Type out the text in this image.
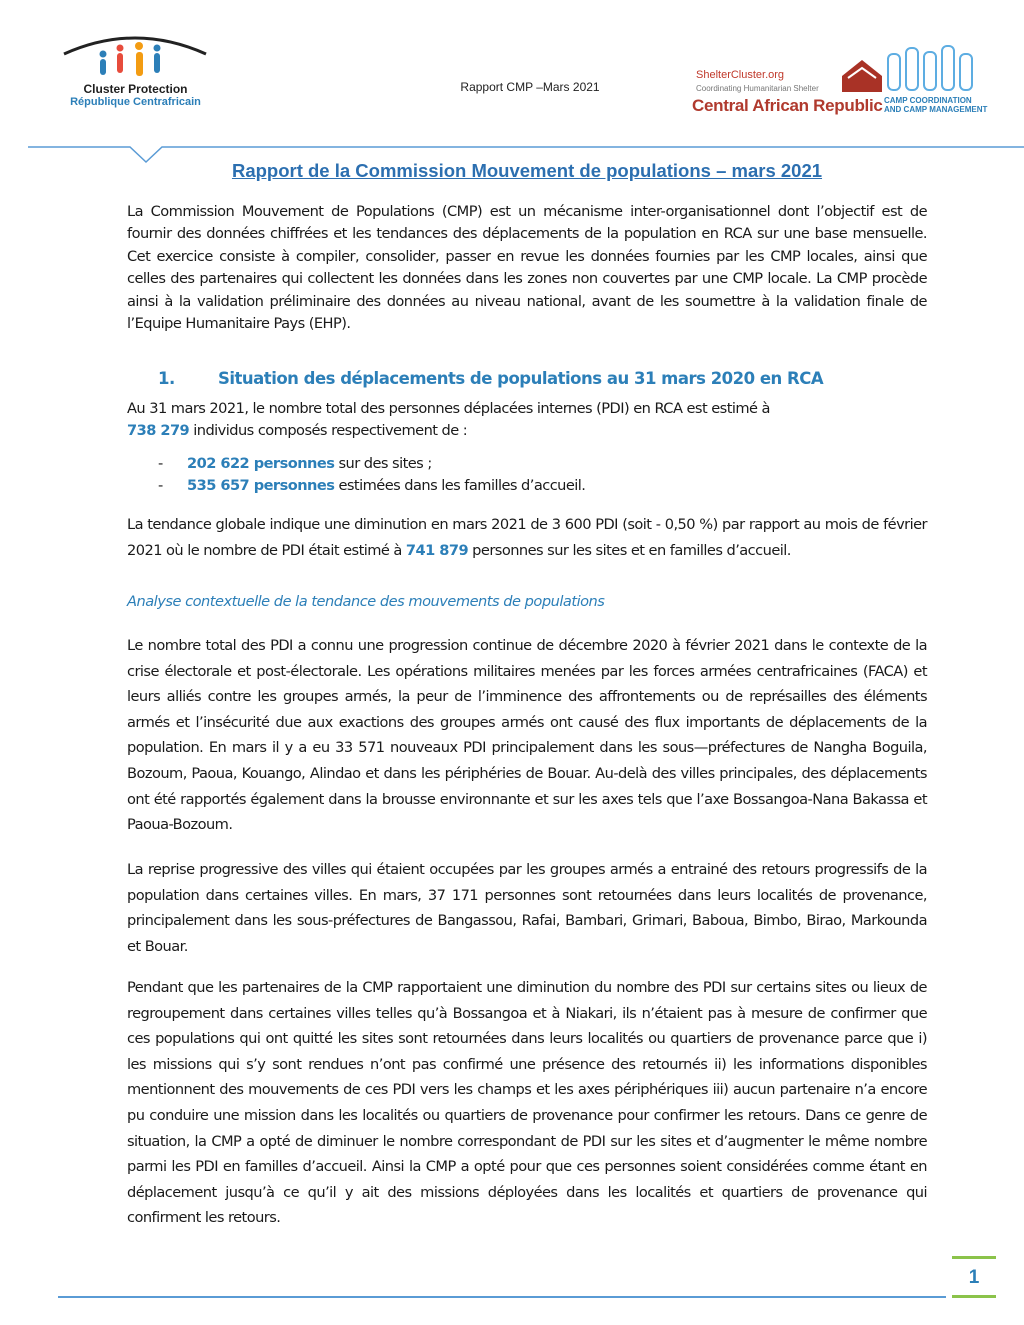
Cluster Protection
République Centrafricain
Rapport CMP –Mars 2021
ShelterCluster.org
Coordinating Humanitarian Shelter
Central African Republic CAMP COORDINATION
AND CAMP MANAGEMENT
Rapport de la Commission Mouvement de populations – mars 2021
La Commission Mouvement de Populations (CMP) est un mécanisme inter-organisationnel dont l’objectif est de fournir des données chiffrées et les tendances des déplacements de la population en RCA sur une base mensuelle. Cet exercice consiste à compiler, consolider, passer en revue les données fournies par les CMP locales, ainsi que celles des partenaires qui collectent les données dans les zones non couvertes par une CMP locale. La CMP procède ainsi à la validation préliminaire des données au niveau national, avant de les soumettre à la validation finale de l’Equipe Humanitaire Pays (EHP).
1.	Situation des déplacements de populations au 31 mars 2020 en RCA
Au 31 mars 2021, le nombre total des personnes déplacées internes (PDI) en RCA est estimé à
738 279 individus composés respectivement de :
- 202 622 personnes sur des sites ;
- 535 657 personnes estimées dans les familles d’accueil.
La tendance globale indique une diminution en mars 2021 de 3 600 PDI (soit - 0,50 %) par rapport au mois de février 2021 où le nombre de PDI était estimé à 741 879 personnes sur les sites et en familles d’accueil.
Analyse contextuelle de la tendance des mouvements de populations
Le nombre total des PDI a connu une progression continue de décembre 2020 à février 2021 dans le contexte de la crise électorale et post-électorale. Les opérations militaires menées par les forces armées centrafricaines (FACA) et leurs alliés contre les groupes armés, la peur de l’imminence des affrontements ou de représailles des éléments armés et l’insécurité due aux exactions des groupes armés ont causé des flux importants de déplacements de la population. En mars il y a eu 33 571 nouveaux PDI principalement dans les sous—préfectures de Nangha Boguila, Bozoum, Paoua, Kouango, Alindao et dans les périphéries de Bouar. Au-delà des villes principales, des déplacements ont été rapportés également dans la brousse environnante et sur les axes tels que l’axe Bossangoa-Nana Bakassa et Paoua-Bozoum.
La reprise progressive des villes qui étaient occupées par les groupes armés a entrainé des retours progressifs de la population dans certaines villes. En mars, 37 171 personnes sont retournées dans leurs localités de provenance, principalement dans les sous-préfectures de Bangassou, Rafai, Bambari, Grimari, Baboua, Bimbo, Birao, Markounda et Bouar.
Pendant que les partenaires de la CMP rapportaient une diminution du nombre des PDI sur certains sites ou lieux de regroupement dans certaines villes telles qu’à Bossangoa et à Niakari, ils n’étaient pas à mesure de confirmer que ces populations qui ont quitté les sites sont retournées dans leurs localités ou quartiers de provenance parce que i) les missions qui s’y sont rendues n’ont pas confirmé une présence des retournés ii) les informations disponibles mentionnent des mouvements de ces PDI vers les champs et les axes périphériques iii) aucun partenaire n’a encore pu conduire une mission dans les localités ou quartiers de provenance pour confirmer les retours. Dans ce genre de situation, la CMP a opté de diminuer le nombre correspondant de PDI sur les sites et d’augmenter le même nombre parmi les PDI en familles d’accueil. Ainsi la CMP a opté pour que ces personnes soient considérées comme étant en déplacement jusqu’à ce qu’il y ait des missions déployées dans les localités et quartiers de provenance qui confirment les retours.
1
